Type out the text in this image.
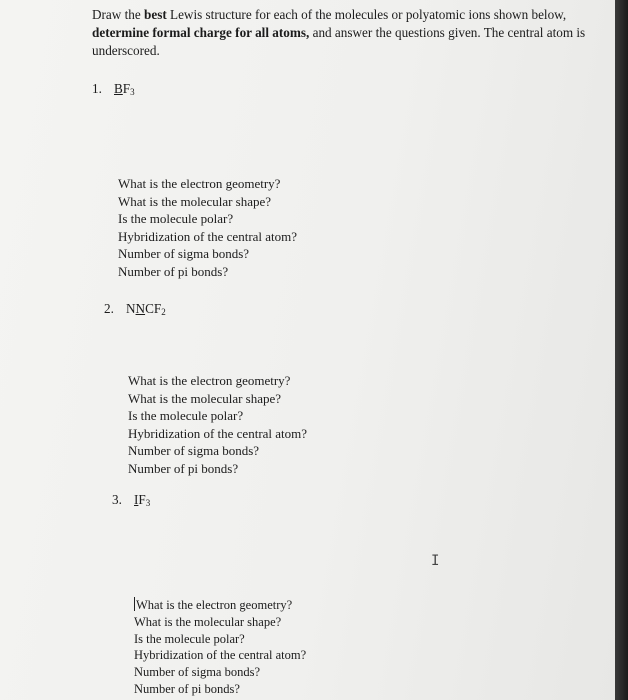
Draw the best Lewis structure for each of the molecules or polyatomic ions shown below, determine formal charge for all atoms, and answer the questions given. The central atom is underscored.

1. $BF_3$

What is the electron geometry?
What is the molecular shape?
Is the molecule polar?
Hybridization of the central atom?
Number of sigma bonds?
Number of pi bonds?

2. $NNCF_2$

What is the electron geometry?
What is the molecular shape?
Is the molecule polar?
Hybridization of the central atom?
Number of sigma bonds?
Number of pi bonds?

3. $IF_3$

What is the electron geometry?
What is the molecular shape?
Is the molecule polar?
Hybridization of the central atom?
Number of sigma bonds?
Number of pi bonds?
I
